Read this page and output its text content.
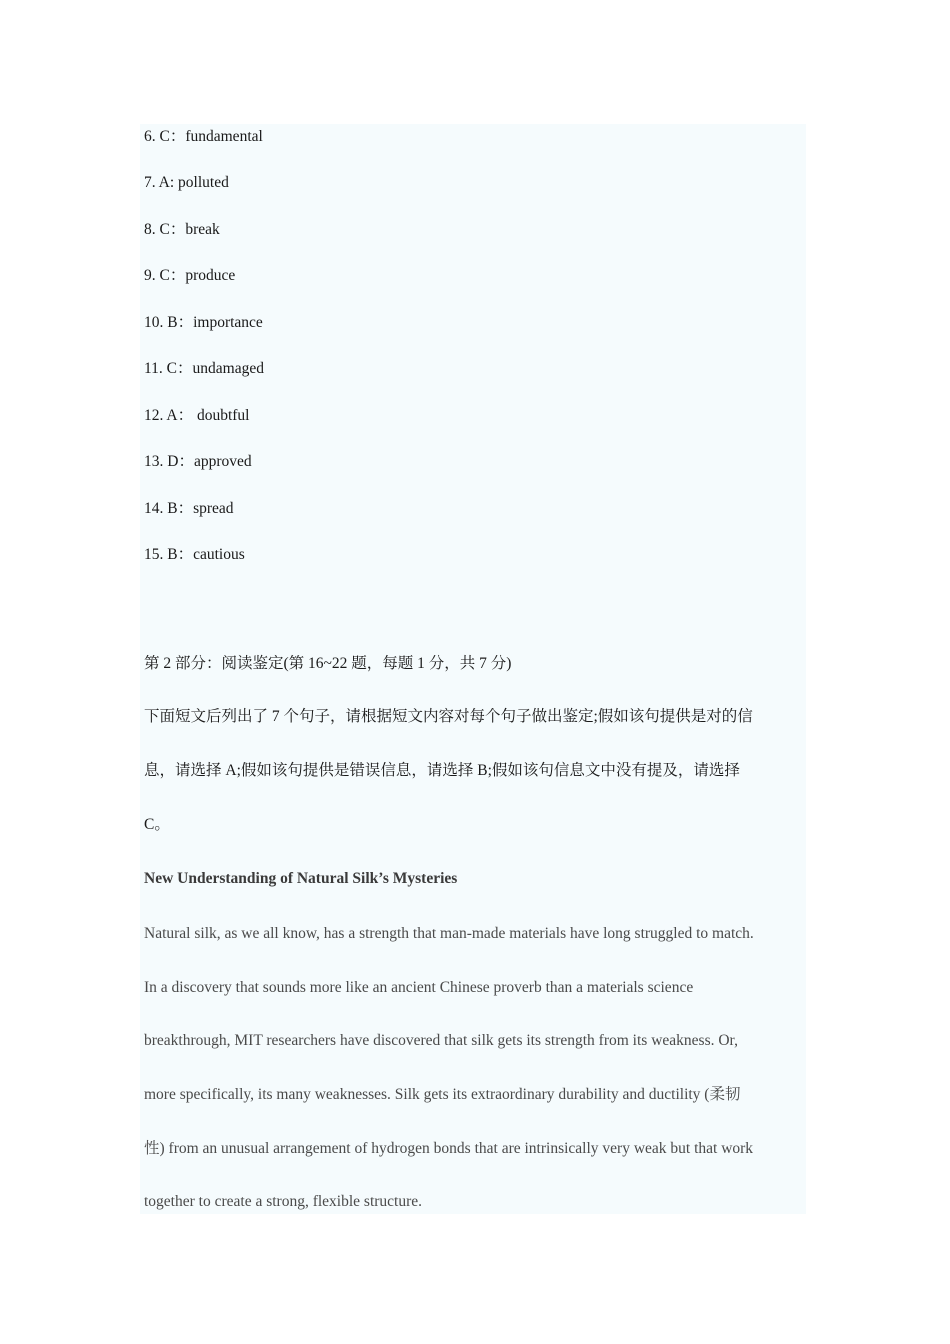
6. C：fundamental
7. A: polluted
8. C：break
9. C：produce
10. B：importance
11. C：undamaged
12. A： doubtful
13. D：approved
14. B：spread
15. B：cautious
第 2 部分：阅读鉴定(第 16~22 题，每题 1 分，共 7 分)
下面短文后列出了 7 个句子，请根据短文内容对每个句子做出鉴定;假如该句提供是对的信
息，请选择 A;假如该句提供是错误信息，请选择 B;假如该句信息文中没有提及，请选择
C。
New Understanding of Natural Silk’s Mysteries
Natural silk, as we all know, has a strength that man-made materials have long struggled to match.
In a discovery that sounds more like an ancient Chinese proverb than a materials science
breakthrough, MIT researchers have discovered that silk gets its strength from its weakness. Or,
more specifically, its many weaknesses. Silk gets its extraordinary durability and ductility (柔韧
性) from an unusual arrangement of hydrogen bonds that are intrinsically very weak but that work
together to create a strong, flexible structure.
